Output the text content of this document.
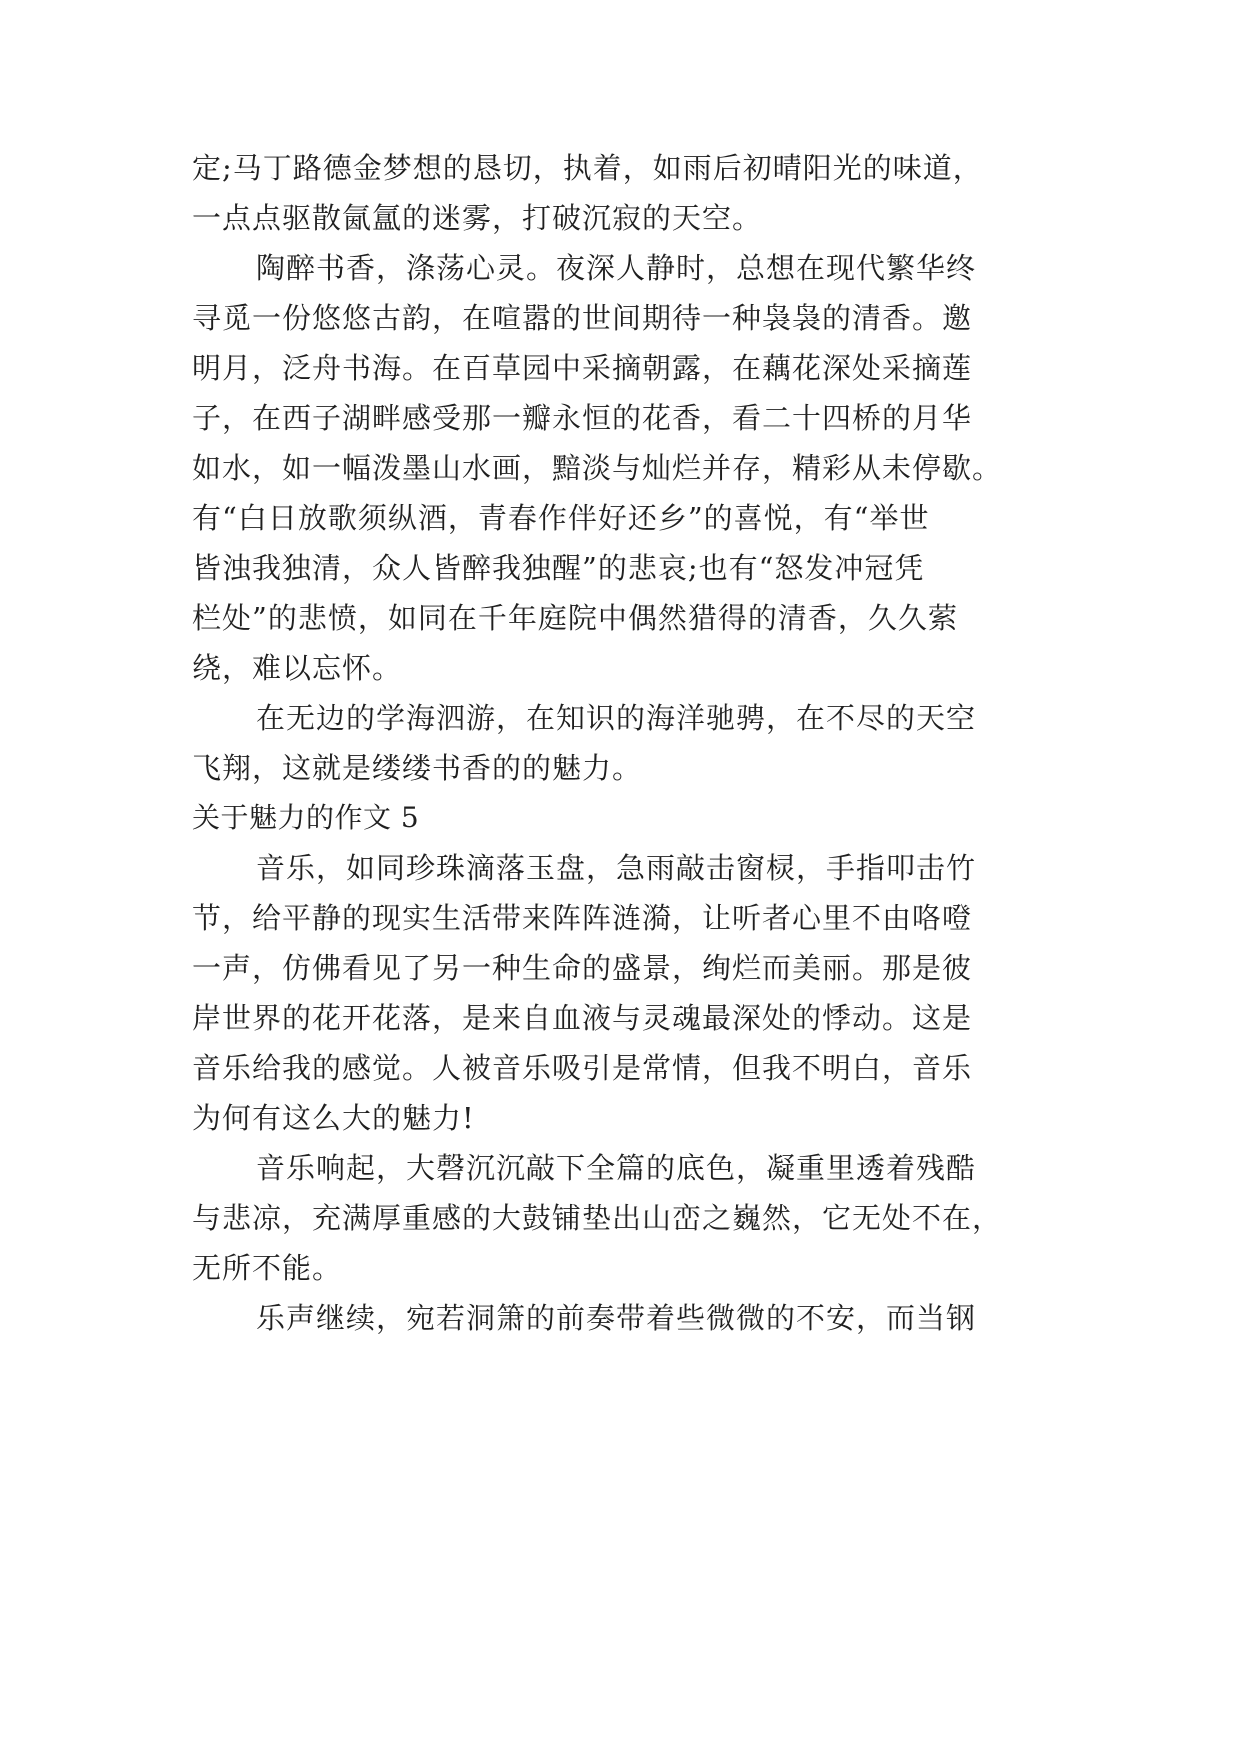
定;马丁路德金梦想的恳切，执着，如雨后初晴阳光的味道，
一点点驱散氤氲的迷雾，打破沉寂的天空。
陶醉书香，涤荡心灵。夜深人静时，总想在现代繁华终
寻觅一份悠悠古韵，在喧嚣的世间期待一种袅袅的清香。邀
明月，泛舟书海。在百草园中采摘朝露，在藕花深处采摘莲
子，在西子湖畔感受那一瓣永恒的花香，看二十四桥的月华
如水，如一幅泼墨山水画，黯淡与灿烂并存，精彩从未停歇。
有“白日放歌须纵酒，青春作伴好还乡”的喜悦，有“举世
皆浊我独清，众人皆醉我独醒”的悲哀;也有“怒发冲冠凭
栏处”的悲愤，如同在千年庭院中偶然猎得的清香，久久萦
绕，难以忘怀。
在无边的学海泗游，在知识的海洋驰骋，在不尽的天空
飞翔，这就是缕缕书香的的魅力。
关于魅力的作文 5
音乐，如同珍珠滴落玉盘，急雨敲击窗棂，手指叩击竹
节，给平静的现实生活带来阵阵涟漪，让听者心里不由咯噔
一声，仿佛看见了另一种生命的盛景，绚烂而美丽。那是彼
岸世界的花开花落，是来自血液与灵魂最深处的悸动。这是
音乐给我的感觉。人被音乐吸引是常情，但我不明白，音乐
为何有这么大的魅力!
音乐响起，大磬沉沉敲下全篇的底色，凝重里透着残酷
与悲凉，充满厚重感的大鼓铺垫出山峦之巍然，它无处不在，
无所不能。
乐声继续，宛若洞箫的前奏带着些微微的不安，而当钢
